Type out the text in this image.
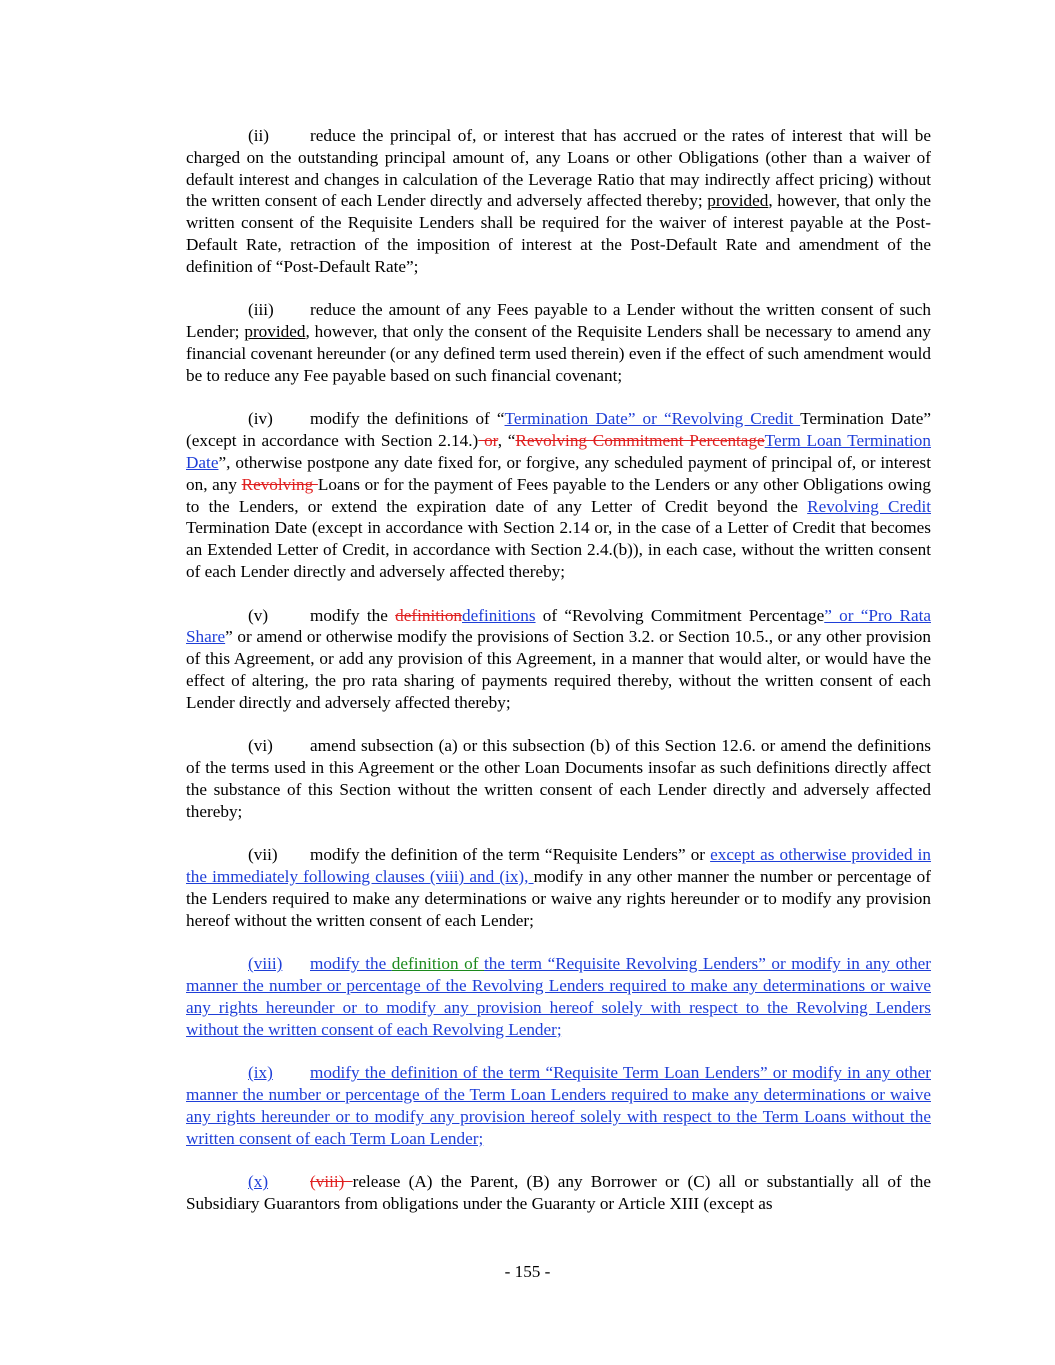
(ii) reduce the principal of, or interest that has accrued or the rates of interest that will be charged on the outstanding principal amount of, any Loans or other Obligations (other than a waiver of default interest and changes in calculation of the Leverage Ratio that may indirectly affect pricing) without the written consent of each Lender directly and adversely affected thereby; provided, however, that only the written consent of the Requisite Lenders shall be required for the waiver of interest payable at the Post-Default Rate, retraction of the imposition of interest at the Post-Default Rate and amendment of the definition of “Post-Default Rate”;

(iii) reduce the amount of any Fees payable to a Lender without the written consent of such Lender; provided, however, that only the consent of the Requisite Lenders shall be necessary to amend any financial covenant hereunder (or any defined term used therein) even if the effect of such amendment would be to reduce any Fee payable based on such financial covenant;

(iv) modify the definitions of “Termination Date” or “Revolving Credit Termination Date” (except in accordance with Section 2.14.) or, “Revolving Commitment PercentageTerm Loan Termination Date”, otherwise postpone any date fixed for, or forgive, any scheduled payment of principal of, or interest on, any Revolving Loans or for the payment of Fees payable to the Lenders or any other Obligations owing to the Lenders, or extend the expiration date of any Letter of Credit beyond the Revolving Credit Termination Date (except in accordance with Section 2.14 or, in the case of a Letter of Credit that becomes an Extended Letter of Credit, in accordance with Section 2.4.(b)), in each case, without the written consent of each Lender directly and adversely affected thereby;

(v) modify the definitiondefinitions of “Revolving Commitment Percentage” or “Pro Rata Share” or amend or otherwise modify the provisions of Section 3.2. or Section 10.5., or any other provision of this Agreement, or add any provision of this Agreement, in a manner that would alter, or would have the effect of altering, the pro rata sharing of payments required thereby, without the written consent of each Lender directly and adversely affected thereby;

(vi) amend subsection (a) or this subsection (b) of this Section 12.6. or amend the definitions of the terms used in this Agreement or the other Loan Documents insofar as such definitions directly affect the substance of this Section without the written consent of each Lender directly and adversely affected thereby;

(vii) modify the definition of the term “Requisite Lenders” or except as otherwise provided in the immediately following clauses (viii) and (ix), modify in any other manner the number or percentage of the Lenders required to make any determinations or waive any rights hereunder or to modify any provision hereof without the written consent of each Lender;

(viii) modify the definition of the term “Requisite Revolving Lenders” or modify in any other manner the number or percentage of the Revolving Lenders required to make any determinations or waive any rights hereunder or to modify any provision hereof solely with respect to the Revolving Lenders without the written consent of each Revolving Lender;

(ix) modify the definition of the term “Requisite Term Loan Lenders” or modify in any other manner the number or percentage of the Term Loan Lenders required to make any determinations or waive any rights hereunder or to modify any provision hereof solely with respect to the Term Loans without the written consent of each Term Loan Lender;

(x) (viii) release (A) the Parent, (B) any Borrower or (C) all or substantially all of the Subsidiary Guarantors from obligations under the Guaranty or Article XIII (except as

- 155 -
